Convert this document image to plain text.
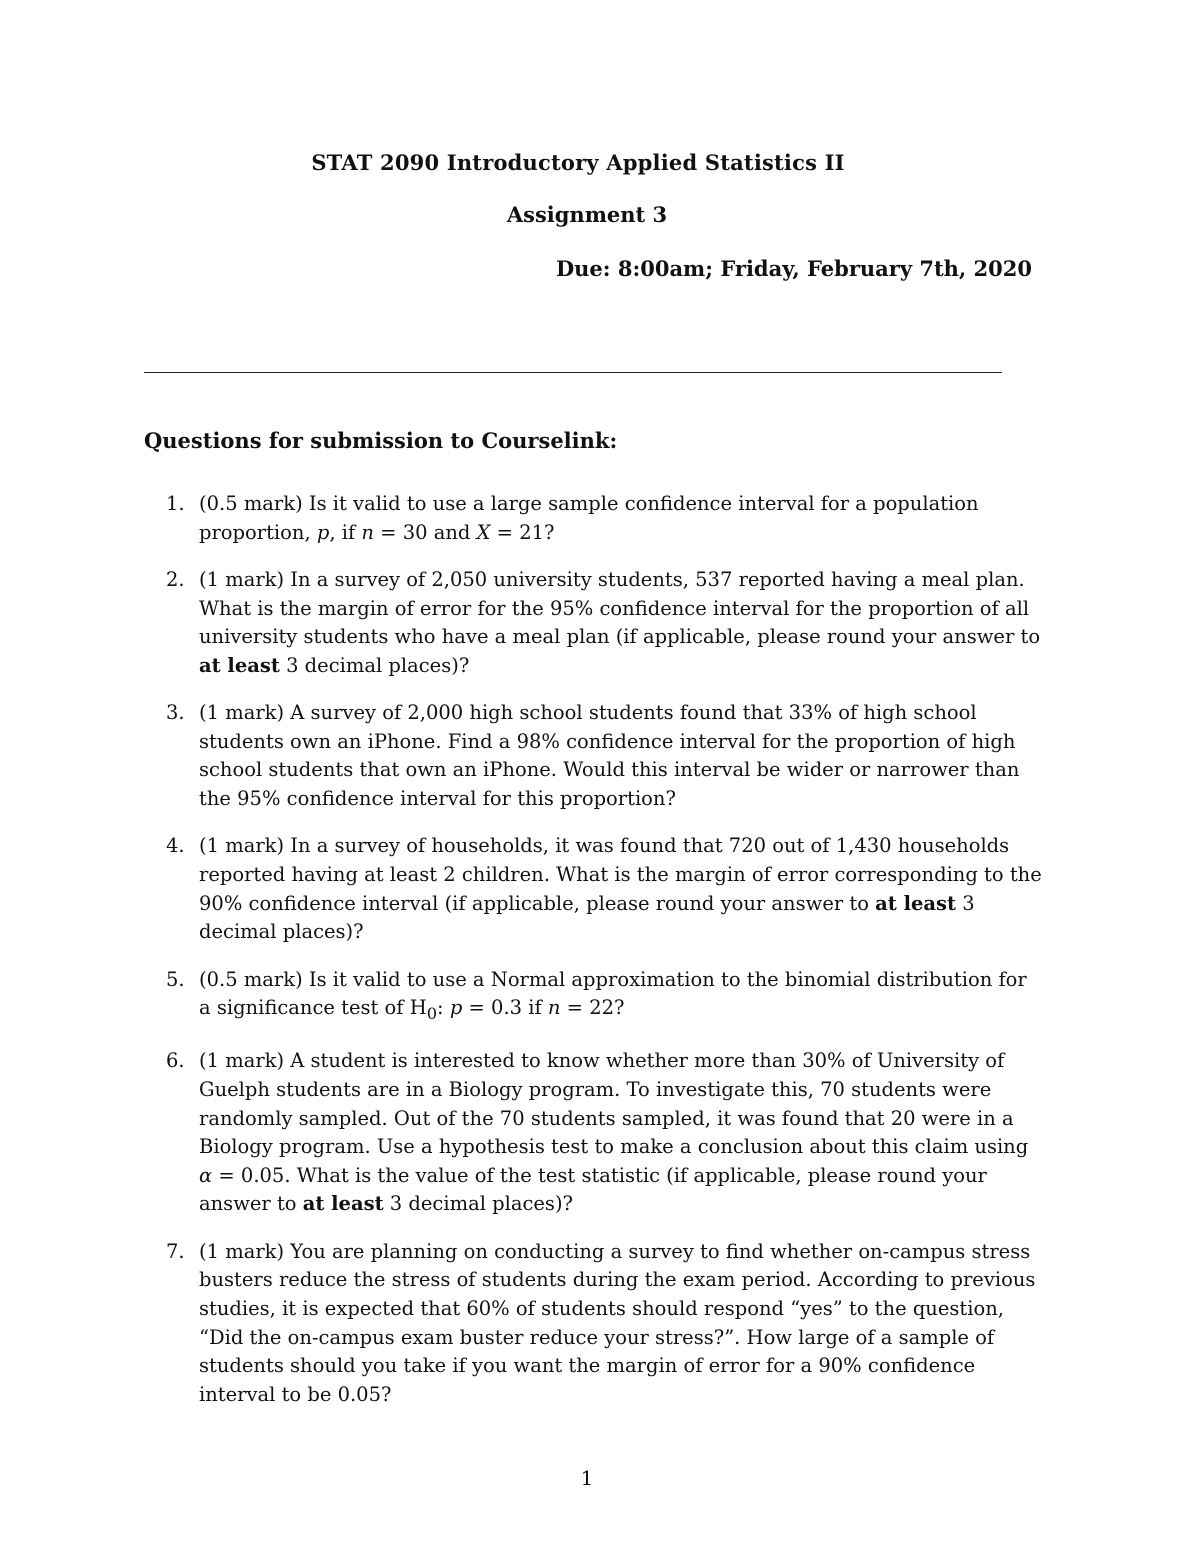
STAT 2090 Introductory Applied Statistics II
Assignment 3
Due: 8:00am; Friday, February 7th, 2020
Questions for submission to Courselink:
1. (0.5 mark) Is it valid to use a large sample confidence interval for a population proportion, p, if n = 30 and X = 21?
2. (1 mark) In a survey of 2,050 university students, 537 reported having a meal plan. What is the margin of error for the 95% confidence interval for the proportion of all university students who have a meal plan (if applicable, please round your answer to at least 3 decimal places)?
3. (1 mark) A survey of 2,000 high school students found that 33% of high school students own an iPhone. Find a 98% confidence interval for the proportion of high school students that own an iPhone. Would this interval be wider or narrower than the 95% confidence interval for this proportion?
4. (1 mark) In a survey of households, it was found that 720 out of 1,430 households reported having at least 2 children. What is the margin of error corresponding to the 90% confidence interval (if applicable, please round your answer to at least 3 decimal places)?
5. (0.5 mark) Is it valid to use a Normal approximation to the binomial distribution for a significance test of $H_0$: p = 0.3 if n = 22?
6. (1 mark) A student is interested to know whether more than 30% of University of Guelph students are in a Biology program. To investigate this, 70 students were randomly sampled. Out of the 70 students sampled, it was found that 20 were in a Biology program. Use a hypothesis test to make a conclusion about this claim using α = 0.05. What is the value of the test statistic (if applicable, please round your answer to at least 3 decimal places)?
7. (1 mark) You are planning on conducting a survey to find whether on-campus stress busters reduce the stress of students during the exam period. According to previous studies, it is expected that 60% of students should respond “yes” to the question, “Did the on-campus exam buster reduce your stress?”. How large of a sample of students should you take if you want the margin of error for a 90% confidence interval to be 0.05?
1
